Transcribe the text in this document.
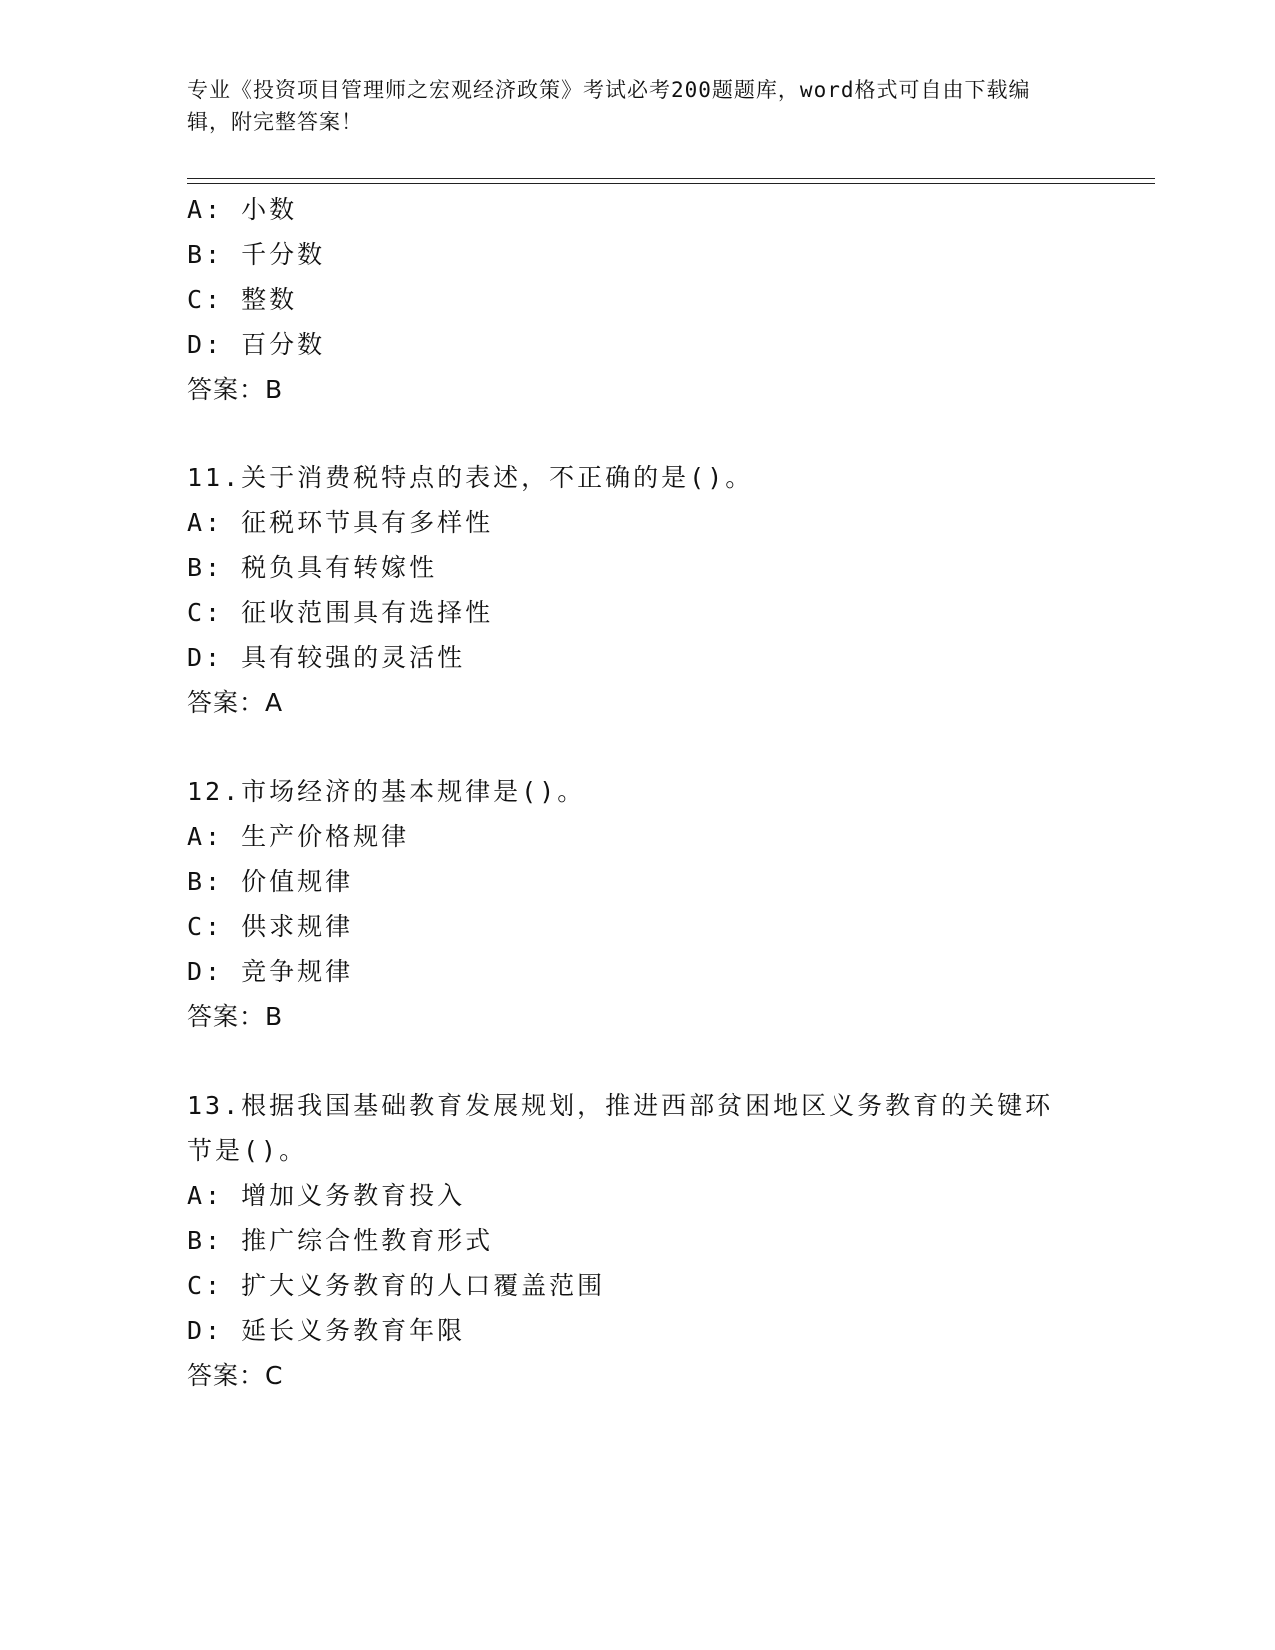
专业《投资项目管理师之宏观经济政策》考试必考200题题库，word格式可自由下载编辑，附完整答案！
A: 小数
B: 千分数
C: 整数
D: 百分数
答案：B
11.关于消费税特点的表述，不正确的是()。
A: 征税环节具有多样性
B: 税负具有转嫁性
C: 征收范围具有选择性
D: 具有较强的灵活性
答案：A
12.市场经济的基本规律是()。
A: 生产价格规律
B: 价值规律
C: 供求规律
D: 竞争规律
答案：B
13.根据我国基础教育发展规划，推进西部贫困地区义务教育的关键环
节是()。
A: 增加义务教育投入
B: 推广综合性教育形式
C: 扩大义务教育的人口覆盖范围
D: 延长义务教育年限
答案：C
